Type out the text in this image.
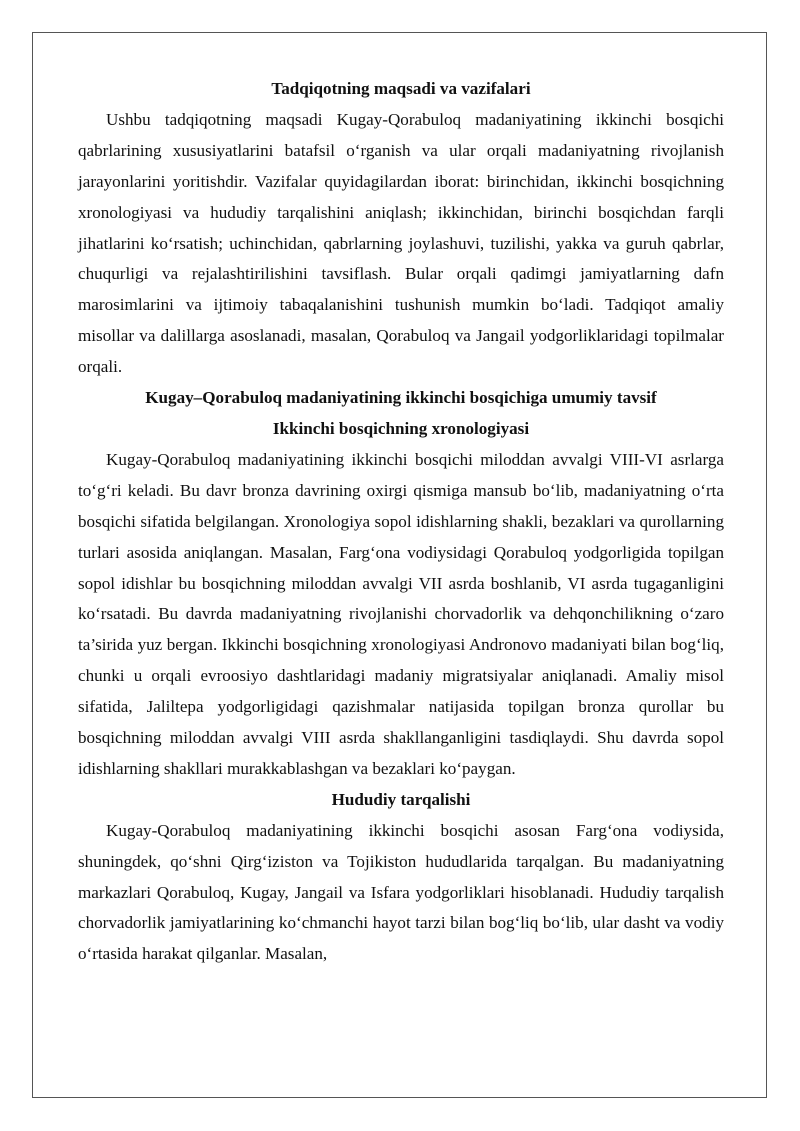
Tadqiqotning maqsadi va vazifalari

Ushbu tadqiqotning maqsadi Kugay-Qorabuloq madaniyatining ikkinchi bosqichi qabrlarining xususiyatlarini batafsil o‘rganish va ular orqali madaniyatning rivojlanish jarayonlarini yoritishdir. Vazifalar quyidagilardan iborat: birinchidan, ikkinchi bosqichning xronologiyasi va hududiy tarqalishini aniqlash; ikkinchidan, birinchi bosqichdan farqli jihatlarini ko‘rsatish; uchinchidan, qabrlarning joylashuvi, tuzilishi, yakka va guruh qabrlar, chuqurligi va rejalashtirilishini tavsiflash. Bular orqali qadimgi jamiyatlarning dafn marosimlarini va ijtimoiy tabaqalanishini tushunish mumkin bo‘ladi. Tadqiqot amaliy misollar va dalillarga asoslanadi, masalan, Qorabuloq va Jangail yodgorliklaridagi topilmalar orqali.

Kugay–Qorabuloq madaniyatining ikkinchi bosqichiga umumiy tavsif
Ikkinchi bosqichning xronologiyasi

Kugay-Qorabuloq madaniyatining ikkinchi bosqichi miloddan avvalgi VIII-VI asrlarga to‘g‘ri keladi. Bu davr bronza davrining oxirgi qismiga mansub bo‘lib, madaniyatning o‘rta bosqichi sifatida belgilangan. Xronologiya sopol idishlarning shakli, bezaklari va qurollarning turlari asosida aniqlangan. Masalan, Farg‘ona vodiysidagi Qorabuloq yodgorligida topilgan sopol idishlar bu bosqichning miloddan avvalgi VII asrda boshlanib, VI asrda tugaganligini ko‘rsatadi. Bu davrda madaniyatning rivojlanishi chorvadorlik va dehqonchilikning o‘zaro ta’sirida yuz bergan. Ikkinchi bosqichning xronologiyasi Andronovo madaniyati bilan bog‘liq, chunki u orqali evroosiyo dashtlaridagi madaniy migratsiyalar aniqlanadi. Amaliy misol sifatida, Jaliltepa yodgorligidagi qazishmalar natijasida topilgan bronza qurollar bu bosqichning miloddan avvalgi VIII asrda shakllanganligini tasdiqlaydi. Shu davrda sopol idishlarning shakllari murakkablashgan va bezaklari ko‘paygan.

Hududiy tarqalishi

Kugay-Qorabuloq madaniyatining ikkinchi bosqichi asosan Farg‘ona vodiysida, shuningdek, qo‘shni Qirg‘iziston va Tojikiston hududlarida tarqalgan. Bu madaniyatning markazlari Qorabuloq, Kugay, Jangail va Isfara yodgorliklari hisoblanadi. Hududiy tarqalish chorvadorlik jamiyatlarining ko‘chmanchi hayot tarzi bilan bog‘liq bo‘lib, ular dasht va vodiy o‘rtasida harakat qilganlar. Masalan,
